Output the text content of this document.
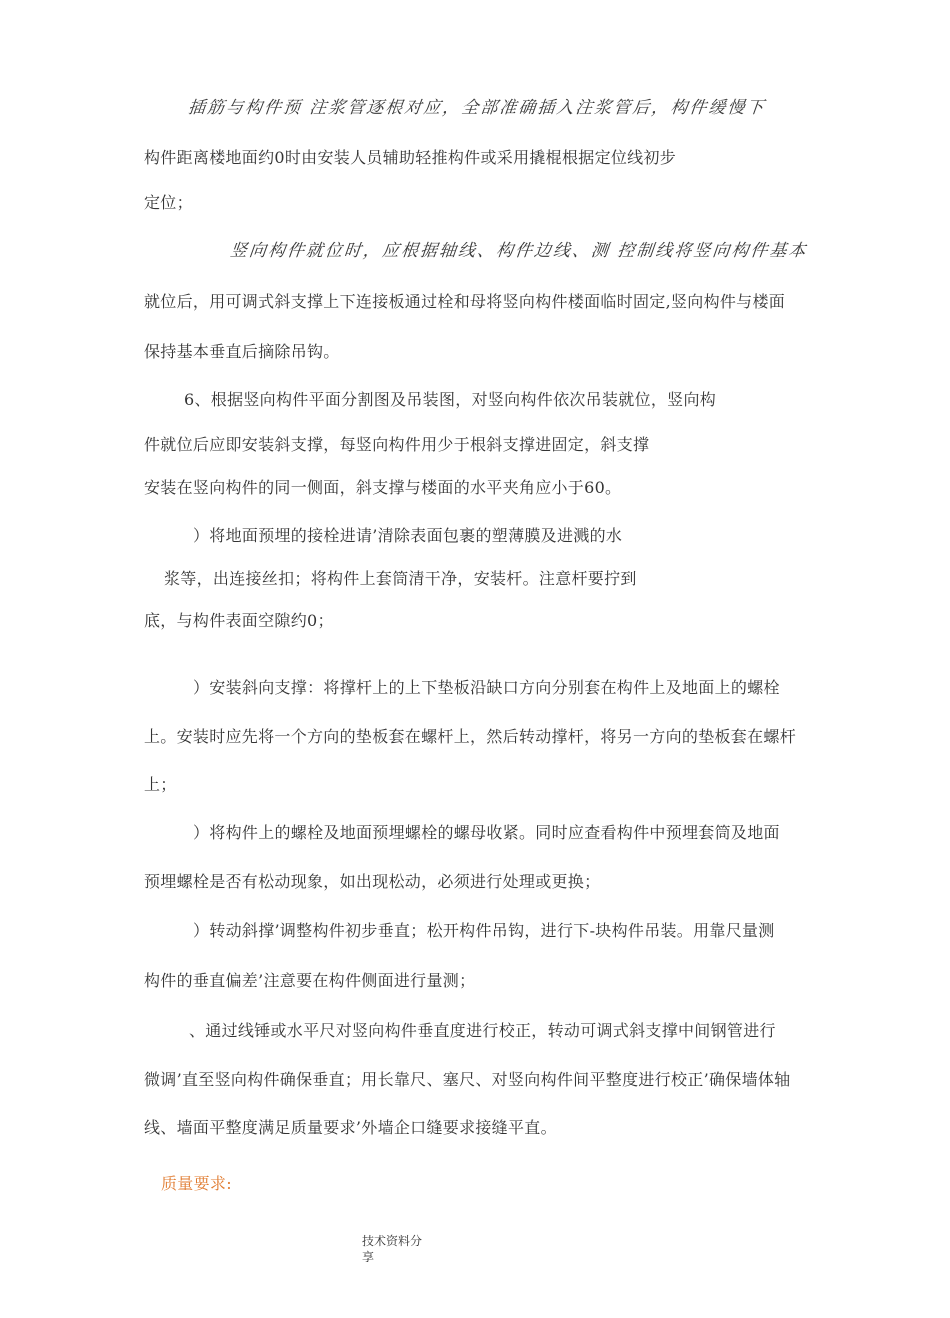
插筋与构件预 注浆管逐根对应，全部准确插入注浆管后，构件缓慢下
构件距离楼地面约0时由安装人员辅助轻推构件或采用撬棍根据定位线初步
定位；
竖向构件就位时，应根据轴线、构件边线、测 控制线将竖向构件基本
就位后，用可调式斜支撑上下连接板通过栓和母将竖向构件楼面临时固定,竖向构件与楼面
保持基本垂直后摘除吊钩。
6、根据竖向构件平面分割图及吊装图，对竖向构件依次吊装就位，竖向构
件就位后应即安装斜支撑，每竖向构件用少于根斜支撑进固定，斜支撑
安装在竖向构件的同一侧面，斜支撑与楼面的水平夹角应小于60。
）将地面预埋的接栓进请’清除表面包裹的塑薄膜及进溅的水
浆等，出连接丝扣；将构件上套筒清干净，安装杆。注意杆要拧到
底，与构件表面空隙约0；
）安装斜向支撑：将撑杆上的上下垫板沿缺口方向分别套在构件上及地面上的螺栓
上。安装时应先将一个方向的垫板套在螺杆上，然后转动撑杆，将另一方向的垫板套在螺杆
上；
）将构件上的螺栓及地面预埋螺栓的螺母收紧。同时应查看构件中预埋套筒及地面
预埋螺栓是否有松动现象，如出现松动，必须进行处理或更换；
）转动斜撑’调整构件初步垂直；松开构件吊钩，进行下-块构件吊装。用靠尺量测
构件的垂直偏差’注意要在构件侧面进行量测；
、通过线锤或水平尺对竖向构件垂直度进行校正，转动可调式斜支撑中间钢管进行
微调’直至竖向构件确保垂直；用长靠尺、塞尺、对竖向构件间平整度进行校正’确保墙体轴
线、墙面平整度满足质量要求’外墙企口缝要求接缝平直。
质量要求:
技术资料分
享
